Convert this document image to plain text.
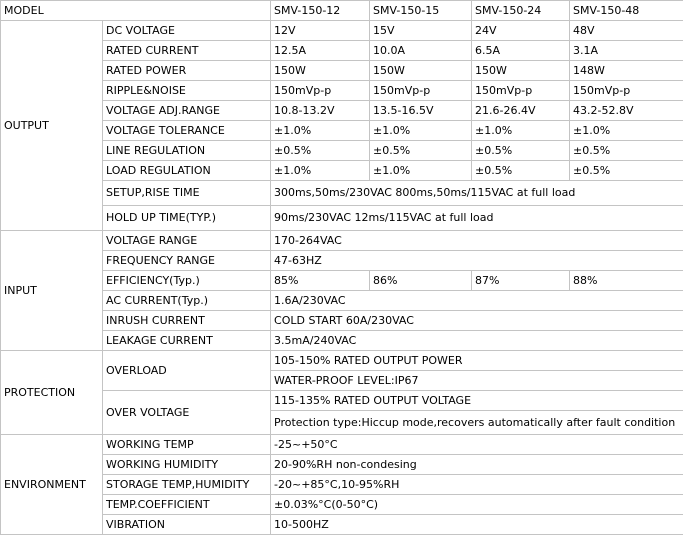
MODEL		SMV-150-12	SMV-150-15	SMV-150-24	SMV-150-48
OUTPUT	DC VOLTAGE	12V	15V	24V	48V
	RATED CURRENT	12.5A	10.0A	6.5A	3.1A
	RATED POWER	150W	150W	150W	148W
	RIPPLE&NOISE	150mVp-p	150mVp-p	150mVp-p	150mVp-p
	VOLTAGE ADJ.RANGE	10.8-13.2V	13.5-16.5V	21.6-26.4V	43.2-52.8V
	VOLTAGE TOLERANCE	±1.0%	±1.0%	±1.0%	±1.0%
	LINE REGULATION	±0.5%	±0.5%	±0.5%	±0.5%
	LOAD REGULATION	±1.0%	±1.0%	±0.5%	±0.5%
	SETUP,RISE TIME	300ms,50ms/230VAC 800ms,50ms/115VAC at full load			
	HOLD UP TIME(TYP.)	90ms/230VAC 12ms/115VAC at full load			
INPUT	VOLTAGE RANGE	170-264VAC			
	FREQUENCY RANGE	47-63HZ			
	EFFICIENCY(Typ.)	85%	86%	87%	88%
	AC CURRENT(Typ.)	1.6A/230VAC			
	INRUSH CURRENT	COLD START 60A/230VAC			
	LEAKAGE CURRENT	3.5mA/240VAC			
PROTECTION	OVERLOAD	105-150% RATED OUTPUT POWER			
		WATER-PROOF LEVEL:IP67			
	OVER VOLTAGE	115-135% RATED OUTPUT VOLTAGE			
		Protection type:Hiccup mode,recovers automatically after fault condition			
ENVIRONMENT	WORKING TEMP	-25~+50°C			
	WORKING HUMIDITY	20-90%RH non-condesing			
	STORAGE TEMP,HUMIDITY	-20~+85°C,10-95%RH			
	TEMP.COEFFICIENT	±0.03%°C(0-50°C)			
	VIBRATION	10-500HZ			
